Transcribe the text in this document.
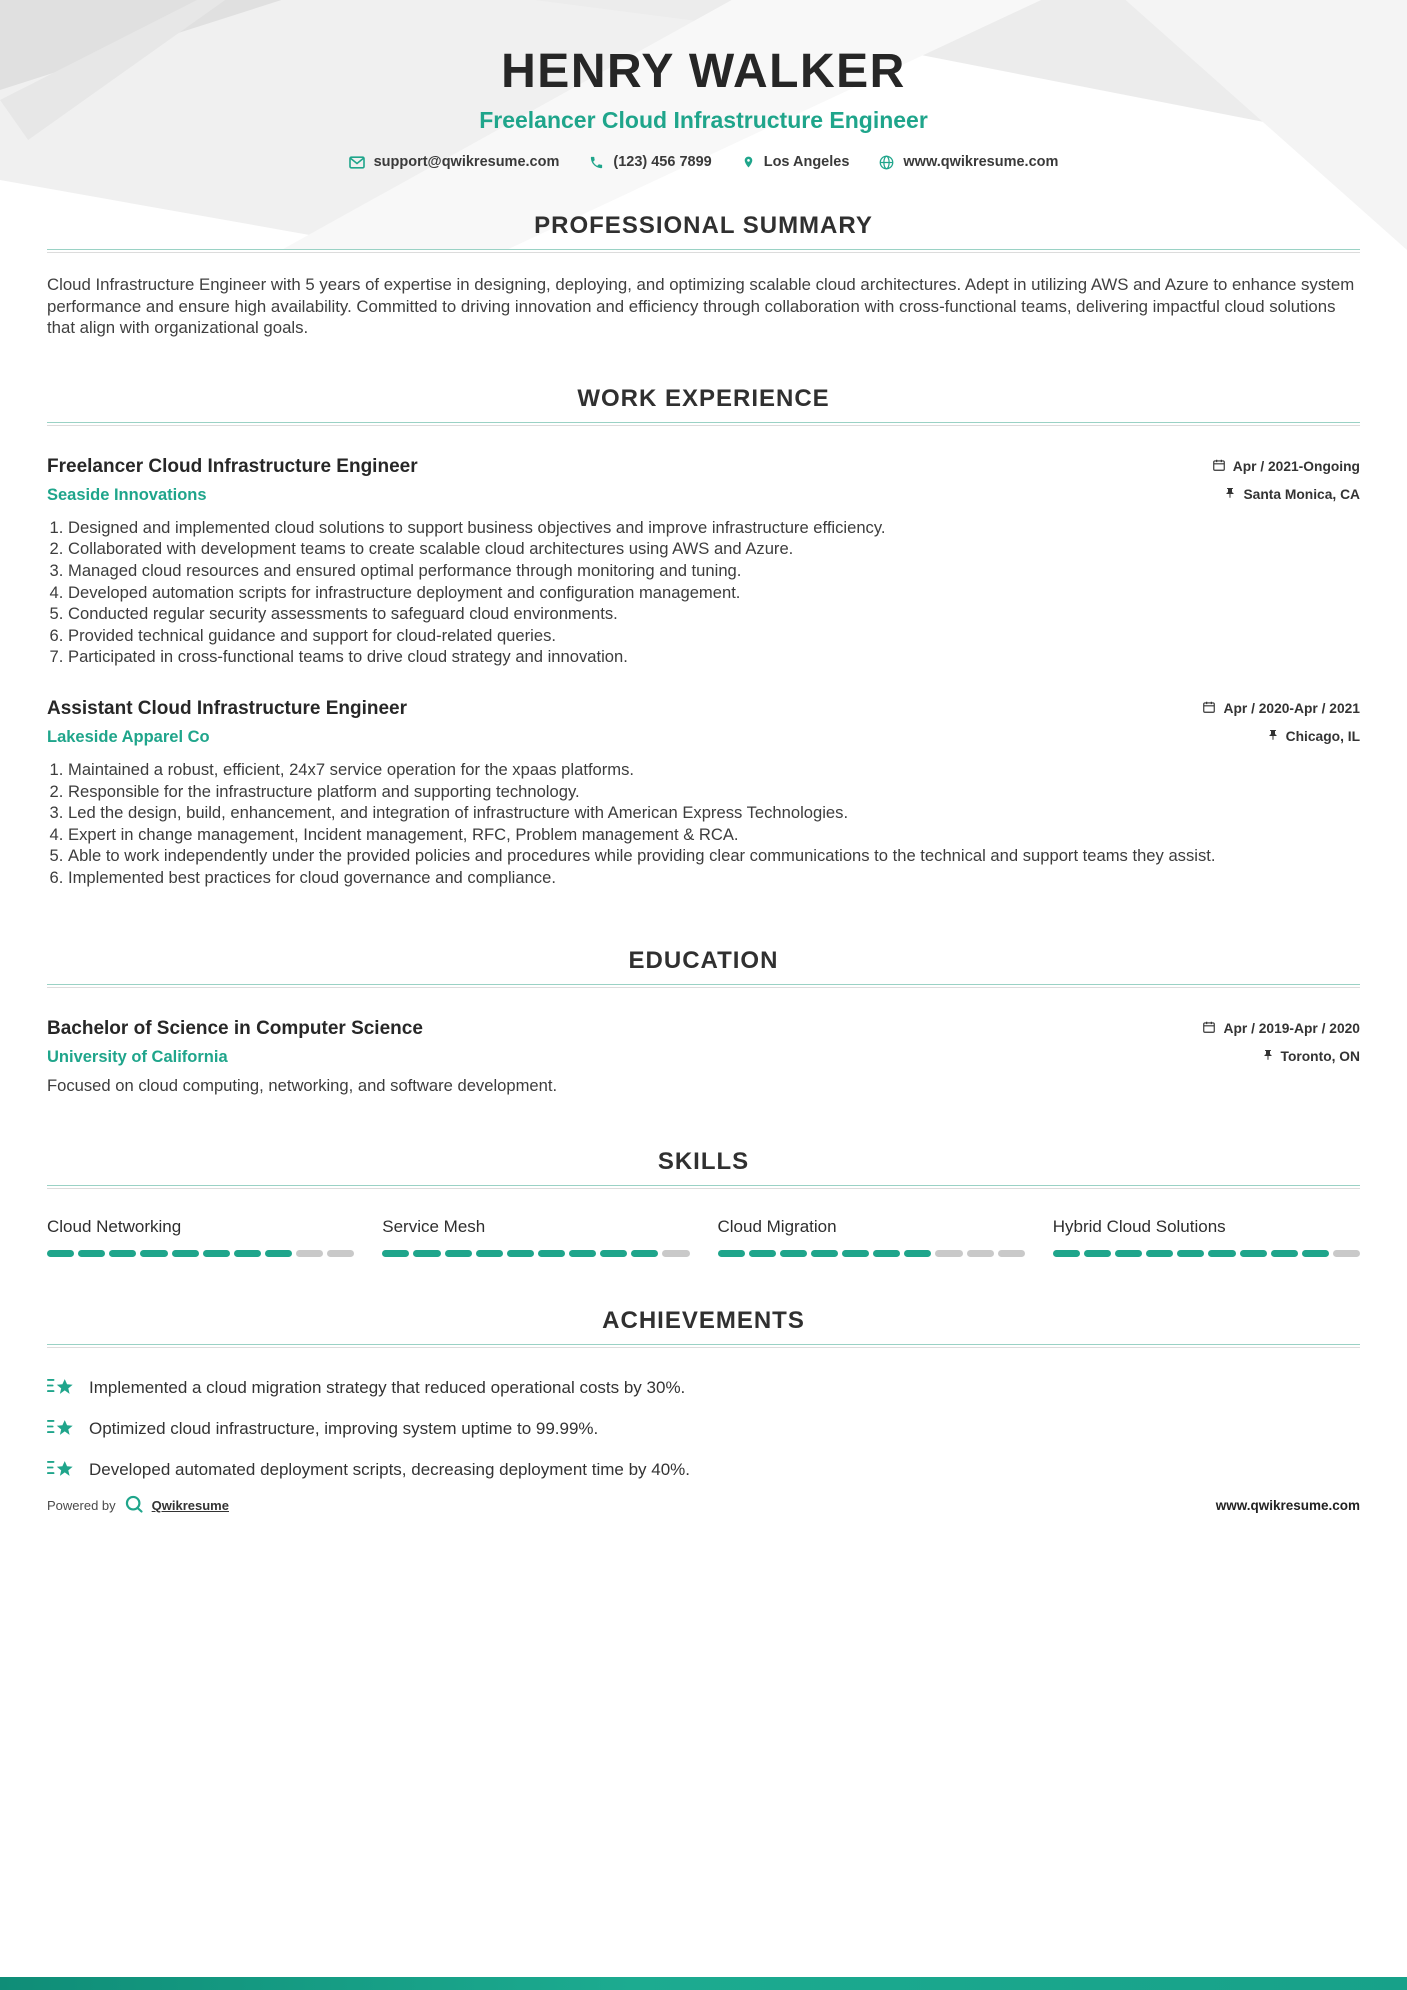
HENRY WALKER
Freelancer Cloud Infrastructure Engineer
support@qwikresume.com	(123) 456 7899	Los Angeles	www.qwikresume.com
PROFESSIONAL SUMMARY

Cloud Infrastructure Engineer with 5 years of expertise in designing, deploying, and optimizing scalable cloud architectures. Adept in utilizing AWS and Azure to enhance system performance and ensure high availability. Committed to driving innovation and efficiency through collaboration with cross-functional teams, delivering impactful cloud solutions that align with organizational goals.

WORK EXPERIENCE
Freelancer Cloud Infrastructure Engineer	Apr / 2021-Ongoing
Seaside Innovations	Santa Monica, CA
1. Designed and implemented cloud solutions to support business objectives and improve infrastructure efficiency.
2. Collaborated with development teams to create scalable cloud architectures using AWS and Azure.
3. Managed cloud resources and ensured optimal performance through monitoring and tuning.
4. Developed automation scripts for infrastructure deployment and configuration management.
5. Conducted regular security assessments to safeguard cloud environments.
6. Provided technical guidance and support for cloud-related queries.
7. Participated in cross-functional teams to drive cloud strategy and innovation.
Assistant Cloud Infrastructure Engineer	Apr / 2020-Apr / 2021
Lakeside Apparel Co	Chicago, IL
1. Maintained a robust, efficient, 24x7 service operation for the xpaas platforms.
2. Responsible for the infrastructure platform and supporting technology.
3. Led the design, build, enhancement, and integration of infrastructure with American Express Technologies.
4. Expert in change management, Incident management, RFC, Problem management & RCA.
5. Able to work independently under the provided policies and procedures while providing clear communications to the technical and support teams they assist.
6. Implemented best practices for cloud governance and compliance.
EDUCATION
Bachelor of Science in Computer Science	Apr / 2019-Apr / 2020
University of California	Toronto, ON

Focused on cloud computing, networking, and software development.

SKILLS
Cloud Networking	Service Mesh	Cloud Migration	Hybrid Cloud Solutions
ACHIEVEMENTS
Implemented a cloud migration strategy that reduced operational costs by 30%.
Optimized cloud infrastructure, improving system uptime to 99.99%.
Developed automated deployment scripts, decreasing deployment time by 40%.
Powered by	Qwikresume	www.qwikresume.com
